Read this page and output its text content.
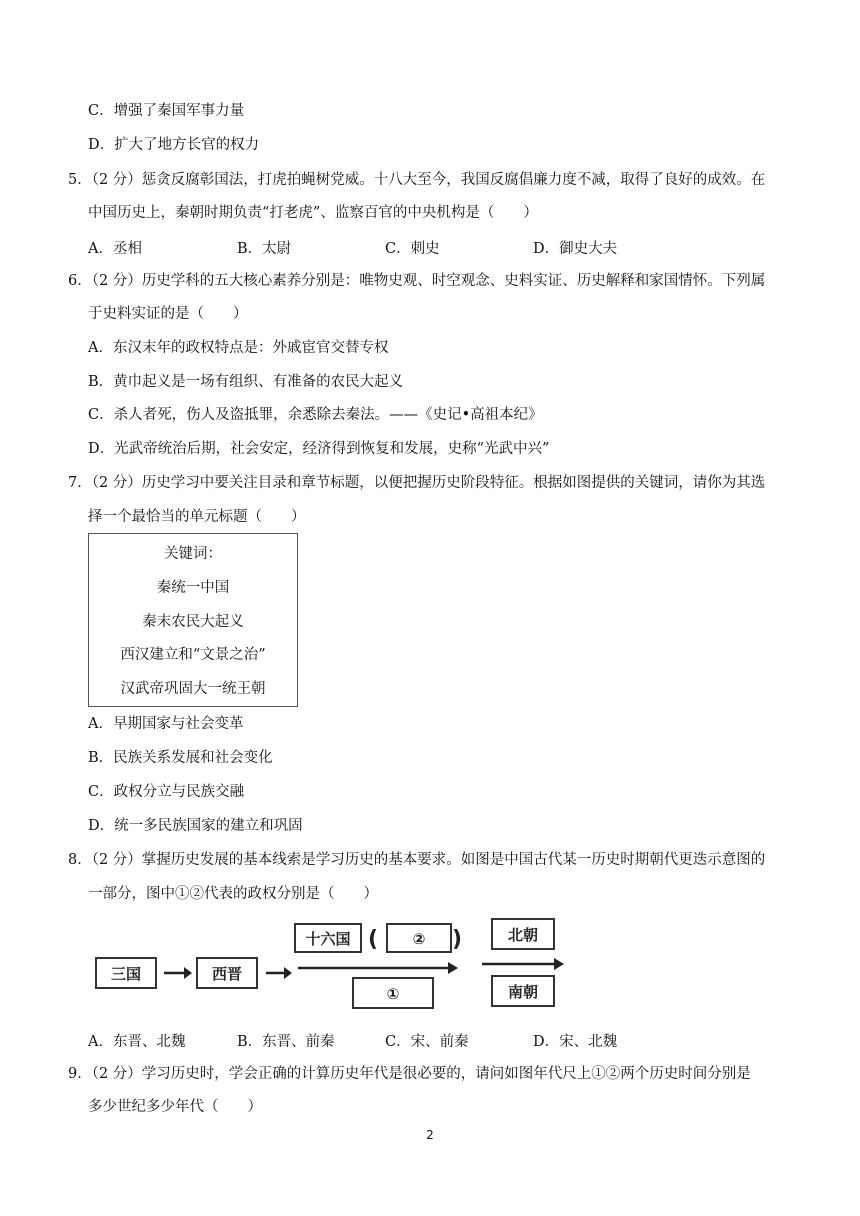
C．增强了秦国军事力量
D．扩大了地方长官的权力
5．（2 分）惩贪反腐彰国法，打虎拍蝇树党威。十八大至今，我国反腐倡廉力度不减，取得了良好的成效。在
中国历史上，秦朝时期负责“打老虎”、监察百官的中央机构是（　　）
A．丞相	B．太尉	C．刺史	D．御史大夫
6．（2 分）历史学科的五大核心素养分别是：唯物史观、时空观念、史料实证、历史解释和家国情怀。下列属
于史料实证的是（　　）
A．东汉末年的政权特点是：外戚宦官交替专权
B．黄巾起义是一场有组织、有准备的农民大起义
C．杀人者死，伤人及盗抵罪，余悉除去秦法。——《史记•高祖本纪》
D．光武帝统治后期，社会安定，经济得到恢复和发展，史称“光武中兴”
7．（2 分）历史学习中要关注目录和章节标题，以便把握历史阶段特征。根据如图提供的关键词，请你为其选
择一个最恰当的单元标题（　　）
关键词：
秦统一中国
秦末农民大起义
西汉建立和“文景之治”
汉武帝巩固大一统王朝
A．早期国家与社会变革
B．民族关系发展和社会变化
C．政权分立与民族交融
D．统一多民族国家的建立和巩固
8．（2 分）掌握历史发展的基本线索是学习历史的基本要求。如图是中国古代某一历史时期朝代更迭示意图的
一部分，图中①②代表的政权分别是（　　）
三国	西晋
十六国 ( ② )
①
北朝
南朝
A．东晋、北魏	B．东晋、前秦	C．宋、前秦	D．宋、北魏
9．（2 分）学习历史时，学会正确的计算历史年代是很必要的，请问如图年代尺上①②两个历史时间分别是
多少世纪多少年代（　　）
2
